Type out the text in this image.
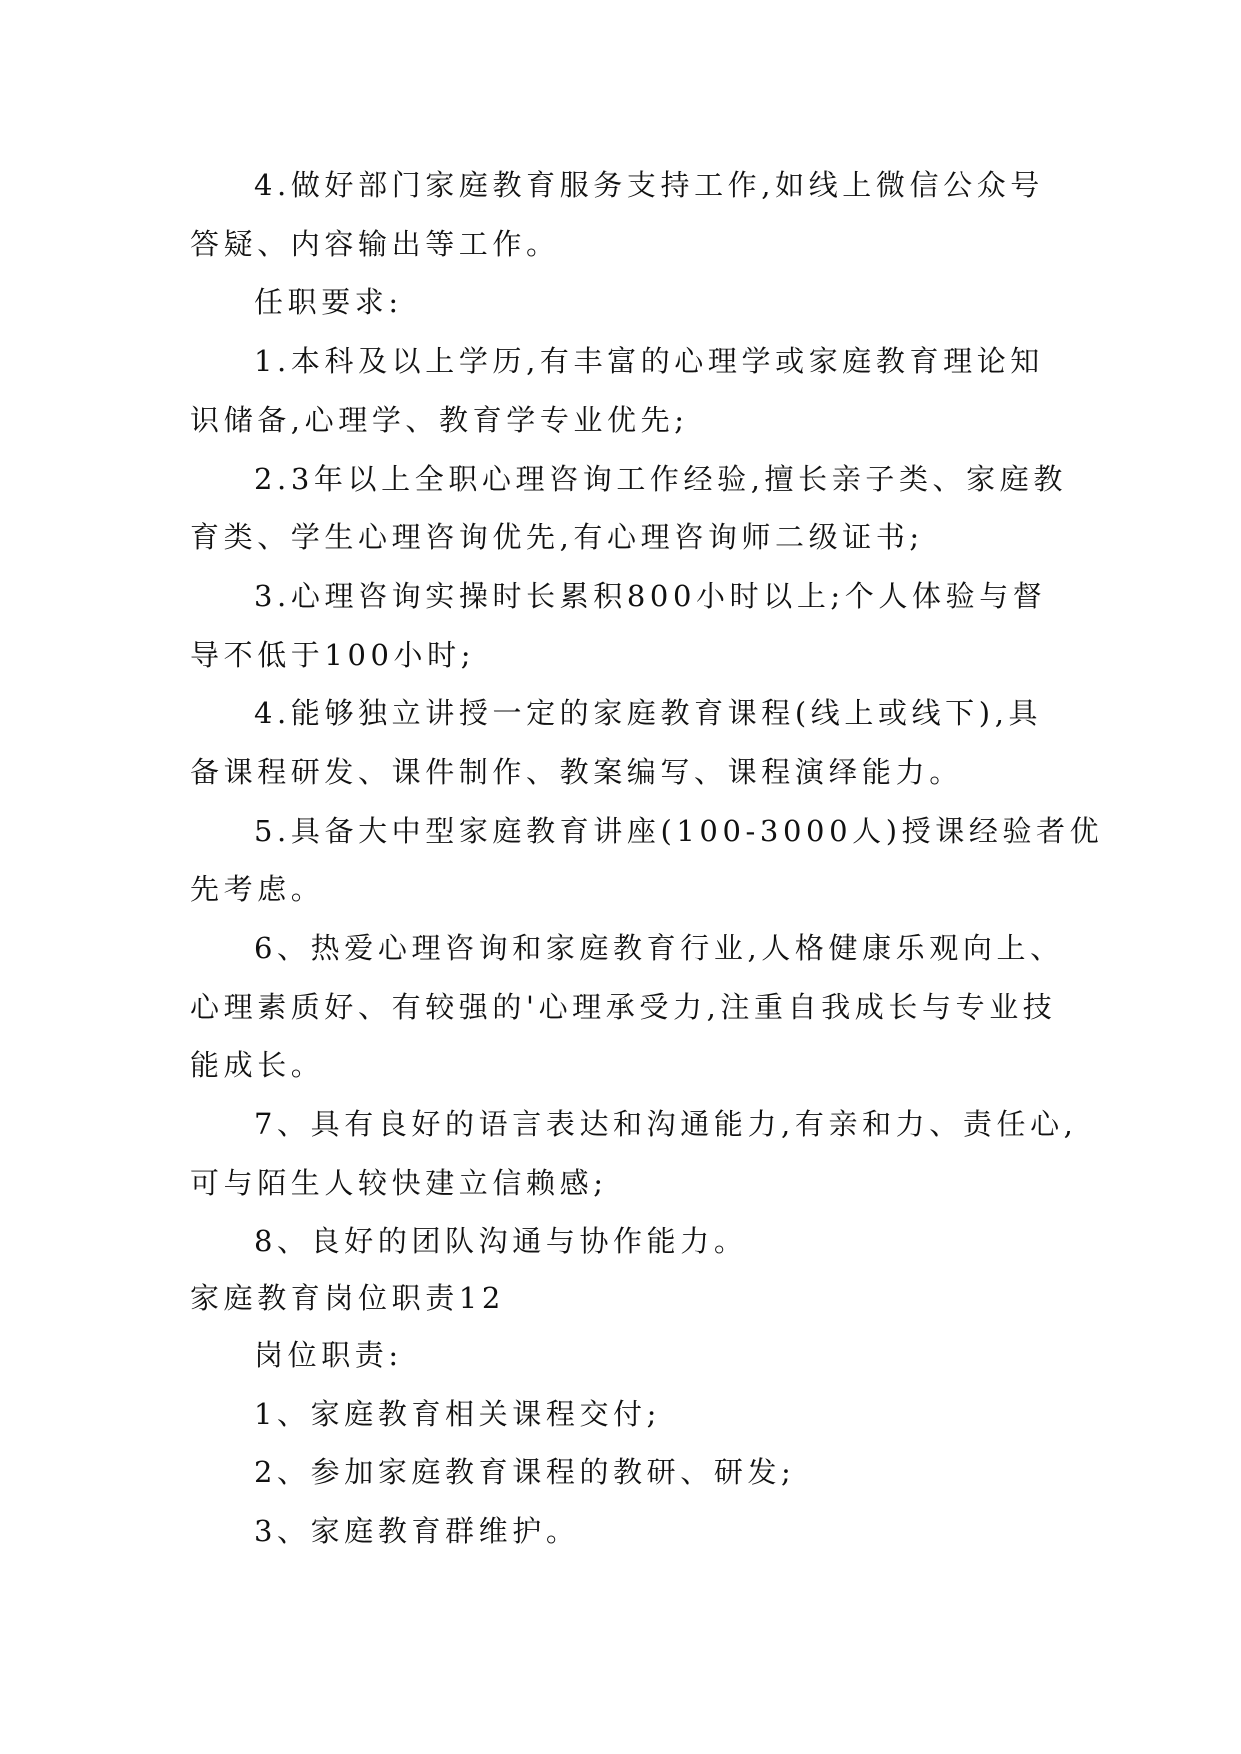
4.做好部门家庭教育服务支持工作,如线上微信公众号
答疑、内容输出等工作。
任职要求:
1.本科及以上学历,有丰富的心理学或家庭教育理论知
识储备,心理学、教育学专业优先;
2.3年以上全职心理咨询工作经验,擅长亲子类、家庭教
育类、学生心理咨询优先,有心理咨询师二级证书;
3.心理咨询实操时长累积800小时以上;个人体验与督
导不低于100小时;
4.能够独立讲授一定的家庭教育课程(线上或线下),具
备课程研发、课件制作、教案编写、课程演绎能力。
5.具备大中型家庭教育讲座(100-3000人)授课经验者优
先考虑。
6、热爱心理咨询和家庭教育行业,人格健康乐观向上、
心理素质好、有较强的'心理承受力,注重自我成长与专业技
能成长。
7、具有良好的语言表达和沟通能力,有亲和力、责任心,
可与陌生人较快建立信赖感;
8、良好的团队沟通与协作能力。
家庭教育岗位职责12
岗位职责:
1、家庭教育相关课程交付;
2、参加家庭教育课程的教研、研发;
3、家庭教育群维护。
